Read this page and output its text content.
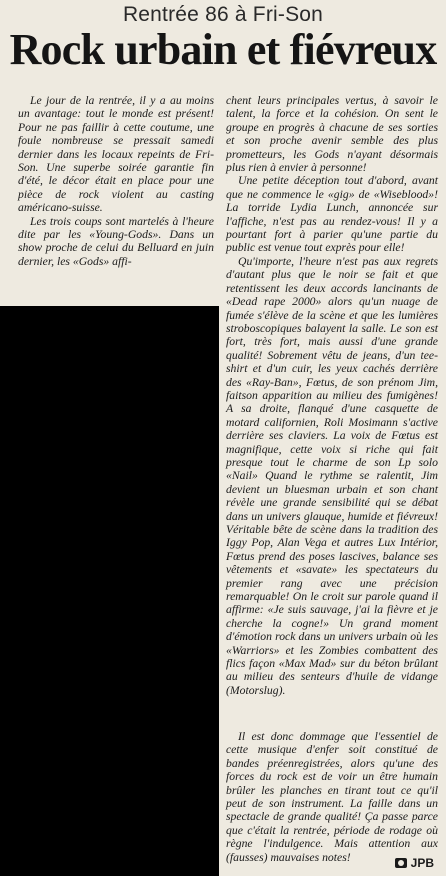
Rentrée 86 à Fri-Son
Rock urbain et fiévreux

Le jour de la rentrée, il y a au moins un avantage: tout le monde est présent! Pour ne pas faillir à cette coutume, une foule nombreuse se pressait samedi dernier dans les locaux repeints de Fri-Son. Une superbe soirée garantie fin d'été, le décor était en place pour une pièce de rock violent au casting américano-suisse.

Les trois coups sont martelés à l'heure dite par les «Young-Gods». Dans un show proche de celui du Belluard en juin dernier, les «Gods» affi-

chent leurs principales vertus, à savoir le talent, la force et la cohésion. On sent le groupe en progrès à chacune de ses sorties et son proche avenir semble des plus prometteurs, les Gods n'ayant désormais plus rien à envier à personne!

Une petite déception tout d'abord, avant que ne commence le «gig» de «Wiseblood»! La torride Lydia Lunch, annoncée sur l'affiche, n'est pas au rendez-vous! Il y a pourtant fort à parier qu'une partie du public est venue tout exprès pour elle!

Qu'importe, l'heure n'est pas aux regrets d'autant plus que le noir se fait et que retentissent les deux accords lancinants de «Dead rape 2000» alors qu'un nuage de fumée s'élève de la scène et que les lumières stroboscopiques balayent la salle. Le son est fort, très fort, mais aussi d'une grande qualité! Sobrement vêtu de jeans, d'un tee-shirt et d'un cuir, les yeux cachés derrière des «Ray-Ban», Fœtus, de son prénom Jim, faitson apparition au milieu des fumigènes! A sa droite, flanqué d'une casquette de motard californien, Roli Mosimann s'active derrière ses claviers. La voix de Fœtus est magnifique, cette voix si riche qui fait presque tout le charme de son Lp solo «Nail» Quand le rythme se ralentit, Jim devient un bluesman urbain et son chant révèle une grande sensibilité qui se débat dans un univers glauque, humide et fiévreux! Véritable bête de scène dans la tradition des Iggy Pop, Alan Vega et autres Lux Intérior, Fœtus prend des poses lascives, balance ses vêtements et «savate» les spectateurs du premier rang avec une précision remarquable! On le croit sur parole quand il affirme: «Je suis sauvage, j'ai la fièvre et je cherche la cogne!» Un grand moment d'émotion rock dans un univers urbain où les «Warriors» et les Zombies combattent des flics façon «Max Mad» sur du béton brûlant au milieu des senteurs d'huile de vidange (Motorslug).

Il est donc dommage que l'essentiel de cette musique d'enfer soit constitué de bandes préenregistrées, alors qu'une des forces du rock est de voir un être humain brûler les planches en tirant tout ce qu'il peut de son instrument. La faille dans un spectacle de grande qualité! Ça passe parce que c'était la rentrée, période de rodage où règne l'indulgence. Mais attention aux (fausses) mauvaises notes!	JPB
